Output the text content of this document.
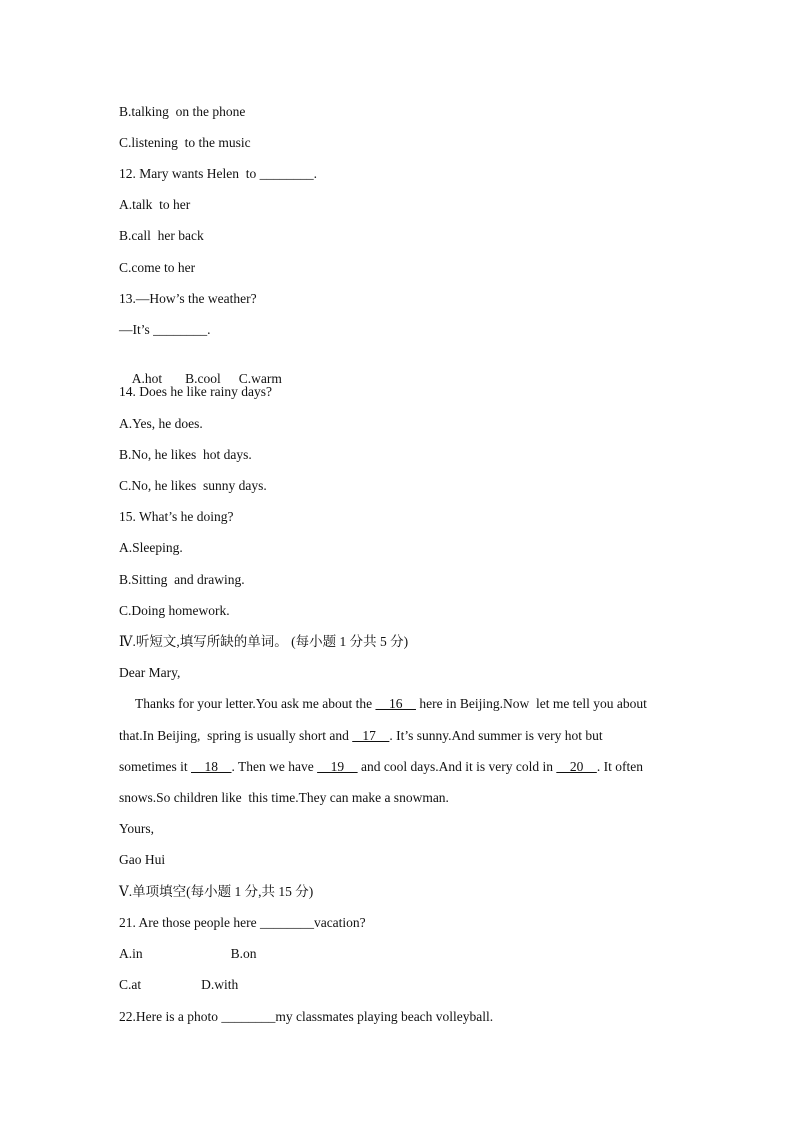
B.talking  on the phone
C.listening  to the music
12. Mary wants Helen  to ________.
A.talk  to her
B.call  her back
C.come to her
13.—How’s the weather?
—It’s ________.

A.hot B.cool C.warm

14. Does he like rainy days?
A.Yes, he does.
B.No, he likes  hot days.
C.No, he likes  sunny days.
15. What’s he doing?
A.Sleeping.
B.Sitting  and drawing.
C.Doing homework.
Ⅳ.听短文,填写所缺的单词。 (每小题 1 分共 5 分)
Dear Mary,
Thanks for your letter.You ask me about the     16     here in Beijing.Now  let me tell you about
that.In Beijing,  spring is usually short and    17    . It’s sunny.And summer is very hot but
sometimes it     18    . Then we have     19     and cool days.And it is very cold in     20    . It often
snows.So children like  this time.They can make a snowman.
Yours,
Gao Hui
Ⅴ.单项填空(每小题 1 分,共 15 分)
21. Are those people here ________vacation?
A.in	B.on
C.at	D.with
22.Here is a photo ________my classmates playing beach volleyball.
